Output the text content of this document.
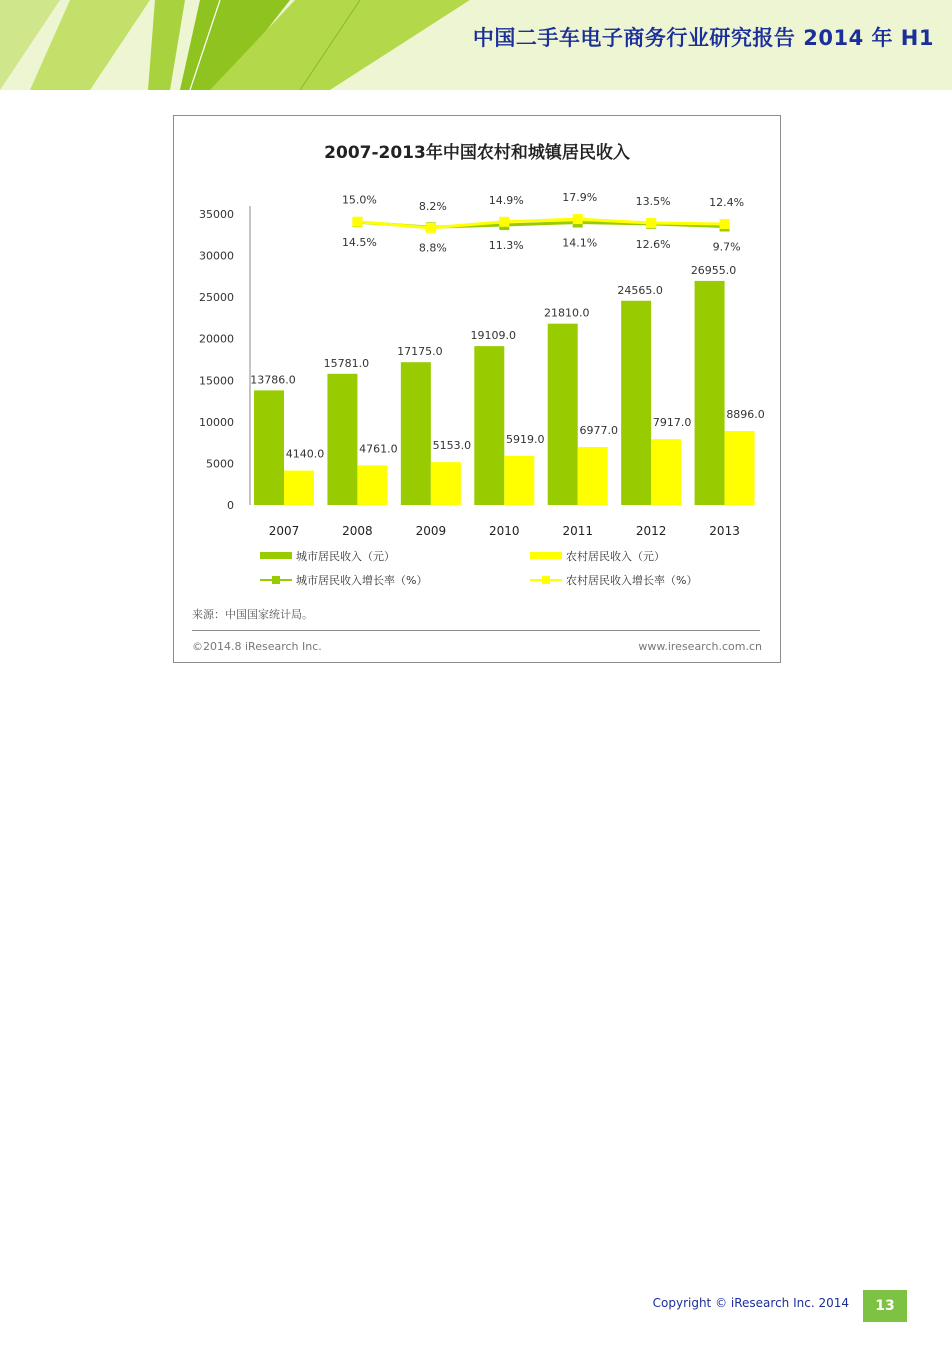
中国二手车电子商务行业研究报告 2014 年 H1
2007-2013年中国农村和城镇居民收入
0
5000
10000
15000
20000
25000
30000
35000
13786.0
4140.0
2007
15781.0
4761.0
2008
17175.0
5153.0
2009
19109.0
5919.0
2010
21810.0
6977.0
2011
24565.0
7917.0
2012
26955.0
8896.0
2013
14.5%	8.8%	11.3%	14.1%	12.6%	9.7%
15.0%	8.2%	14.9%	17.9%	13.5%	12.4%
城市居民收入（元）	农村居民收入（元）
城市居民收入增长率（%）	农村居民收入增长率（%）
来源：中国国家统计局。
©2014.8 iResearch Inc.	www.iresearch.com.cn
Copyright © iResearch Inc. 2014	13
